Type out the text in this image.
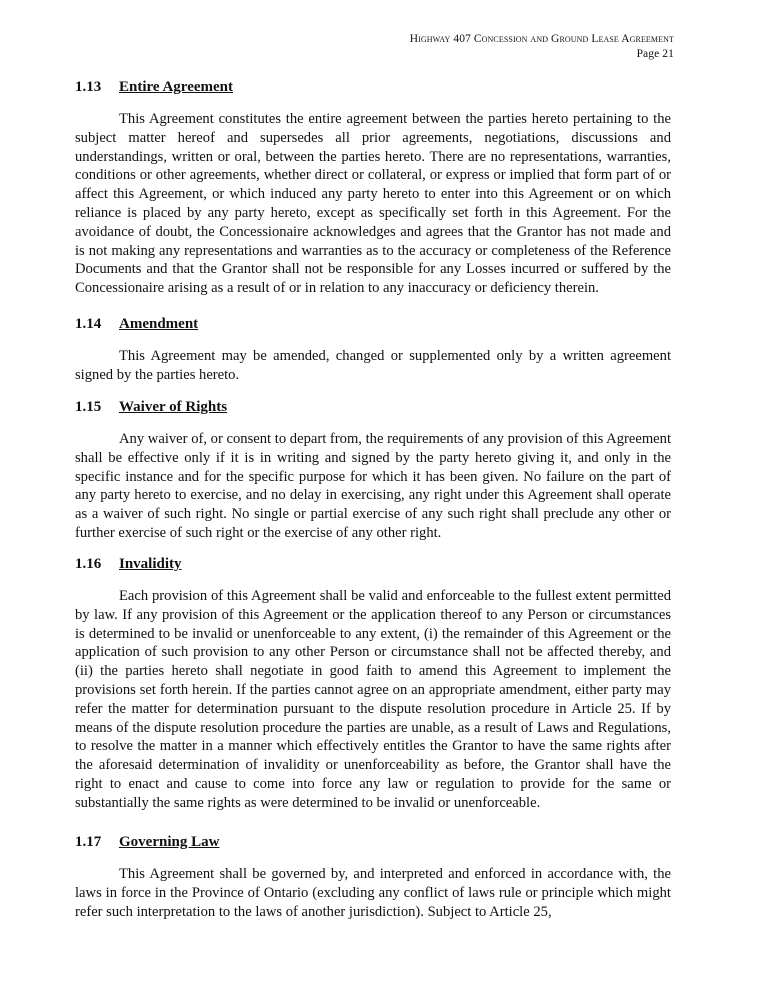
Highway 407 Concession and Ground Lease Agreement
Page 21
1.13 Entire Agreement

This Agreement constitutes the entire agreement between the parties hereto pertaining to the subject matter hereof and supersedes all prior agreements, negotiations, discussions and understandings, written or oral, between the parties hereto. There are no representations, warranties, conditions or other agreements, whether direct or collateral, or express or implied that form part of or affect this Agreement, or which induced any party hereto to enter into this Agreement or on which reliance is placed by any party hereto, except as specifically set forth in this Agreement. For the avoidance of doubt, the Concessionaire acknowledges and agrees that the Grantor has not made and is not making any representations and warranties as to the accuracy or completeness of the Reference Documents and that the Grantor shall not be responsible for any Losses incurred or suffered by the Concessionaire arising as a result of or in relation to any inaccuracy or deficiency therein.

1.14 Amendment

This Agreement may be amended, changed or supplemented only by a written agreement signed by the parties hereto.

1.15 Waiver of Rights

Any waiver of, or consent to depart from, the requirements of any provision of this Agreement shall be effective only if it is in writing and signed by the party hereto giving it, and only in the specific instance and for the specific purpose for which it has been given. No failure on the part of any party hereto to exercise, and no delay in exercising, any right under this Agreement shall operate as a waiver of such right. No single or partial exercise of any such right shall preclude any other or further exercise of such right or the exercise of any other right.

1.16 Invalidity

Each provision of this Agreement shall be valid and enforceable to the fullest extent permitted by law. If any provision of this Agreement or the application thereof to any Person or circumstances is determined to be invalid or unenforceable to any extent, (i) the remainder of this Agreement or the application of such provision to any other Person or circumstance shall not be affected thereby, and (ii) the parties hereto shall negotiate in good faith to amend this Agreement to implement the provisions set forth herein. If the parties cannot agree on an appropriate amendment, either party may refer the matter for determination pursuant to the dispute resolution procedure in Article 25. If by means of the dispute resolution procedure the parties are unable, as a result of Laws and Regulations, to resolve the matter in a manner which effectively entitles the Grantor to have the same rights after the aforesaid determination of invalidity or unenforceability as before, the Grantor shall have the right to enact and cause to come into force any law or regulation to provide for the same or substantially the same rights as were determined to be invalid or unenforceable.

1.17 Governing Law

This Agreement shall be governed by, and interpreted and enforced in accordance with, the laws in force in the Province of Ontario (excluding any conflict of laws rule or principle which might refer such interpretation to the laws of another jurisdiction). Subject to Article 25,
